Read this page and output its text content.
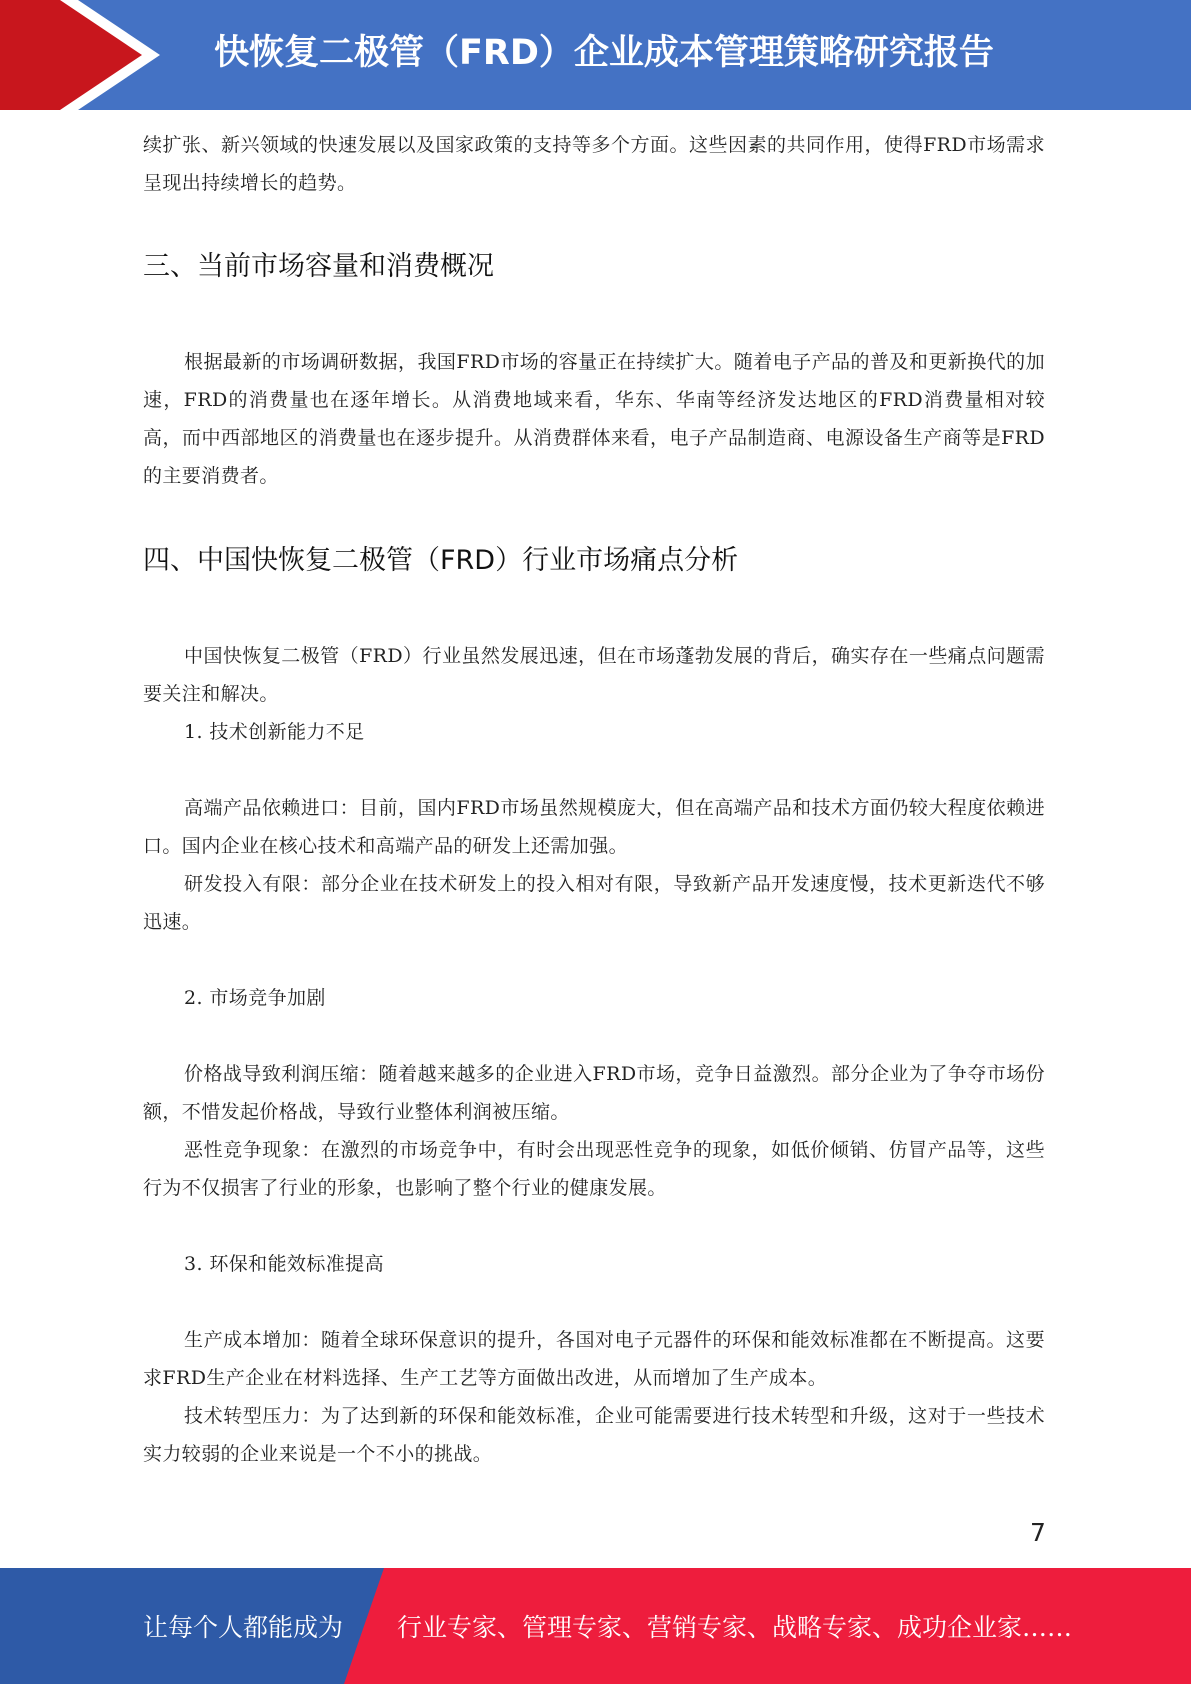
快恢复二极管（FRD）企业成本管理策略研究报告

续扩张、新兴领域的快速发展以及国家政策的支持等多个方面。这些因素的共同作用，使得FRD市场需求呈现出持续增长的趋势。

三、当前市场容量和消费概况

根据最新的市场调研数据，我国FRD市场的容量正在持续扩大。随着电子产品的普及和更新换代的加速，FRD的消费量也在逐年增长。从消费地域来看，华东、华南等经济发达地区的FRD消费量相对较高，而中西部地区的消费量也在逐步提升。从消费群体来看，电子产品制造商、电源设备生产商等是FRD的主要消费者。

四、中国快恢复二极管（FRD）行业市场痛点分析

中国快恢复二极管（FRD）行业虽然发展迅速，但在市场蓬勃发展的背后，确实存在一些痛点问题需要关注和解决。

1. 技术创新能力不足

高端产品依赖进口：目前，国内FRD市场虽然规模庞大，但在高端产品和技术方面仍较大程度依赖进口。国内企业在核心技术和高端产品的研发上还需加强。

研发投入有限：部分企业在技术研发上的投入相对有限，导致新产品开发速度慢，技术更新迭代不够迅速。

2. 市场竞争加剧

价格战导致利润压缩：随着越来越多的企业进入FRD市场，竞争日益激烈。部分企业为了争夺市场份额，不惜发起价格战，导致行业整体利润被压缩。

恶性竞争现象：在激烈的市场竞争中，有时会出现恶性竞争的现象，如低价倾销、仿冒产品等，这些行为不仅损害了行业的形象，也影响了整个行业的健康发展。

3. 环保和能效标准提高

生产成本增加：随着全球环保意识的提升，各国对电子元器件的环保和能效标准都在不断提高。这要求FRD生产企业在材料选择、生产工艺等方面做出改进，从而增加了生产成本。

技术转型压力：为了达到新的环保和能效标准，企业可能需要进行技术转型和升级，这对于一些技术实力较弱的企业来说是一个不小的挑战。

7
让每个人都能成为 行业专家、管理专家、营销专家、战略专家、成功企业家……
